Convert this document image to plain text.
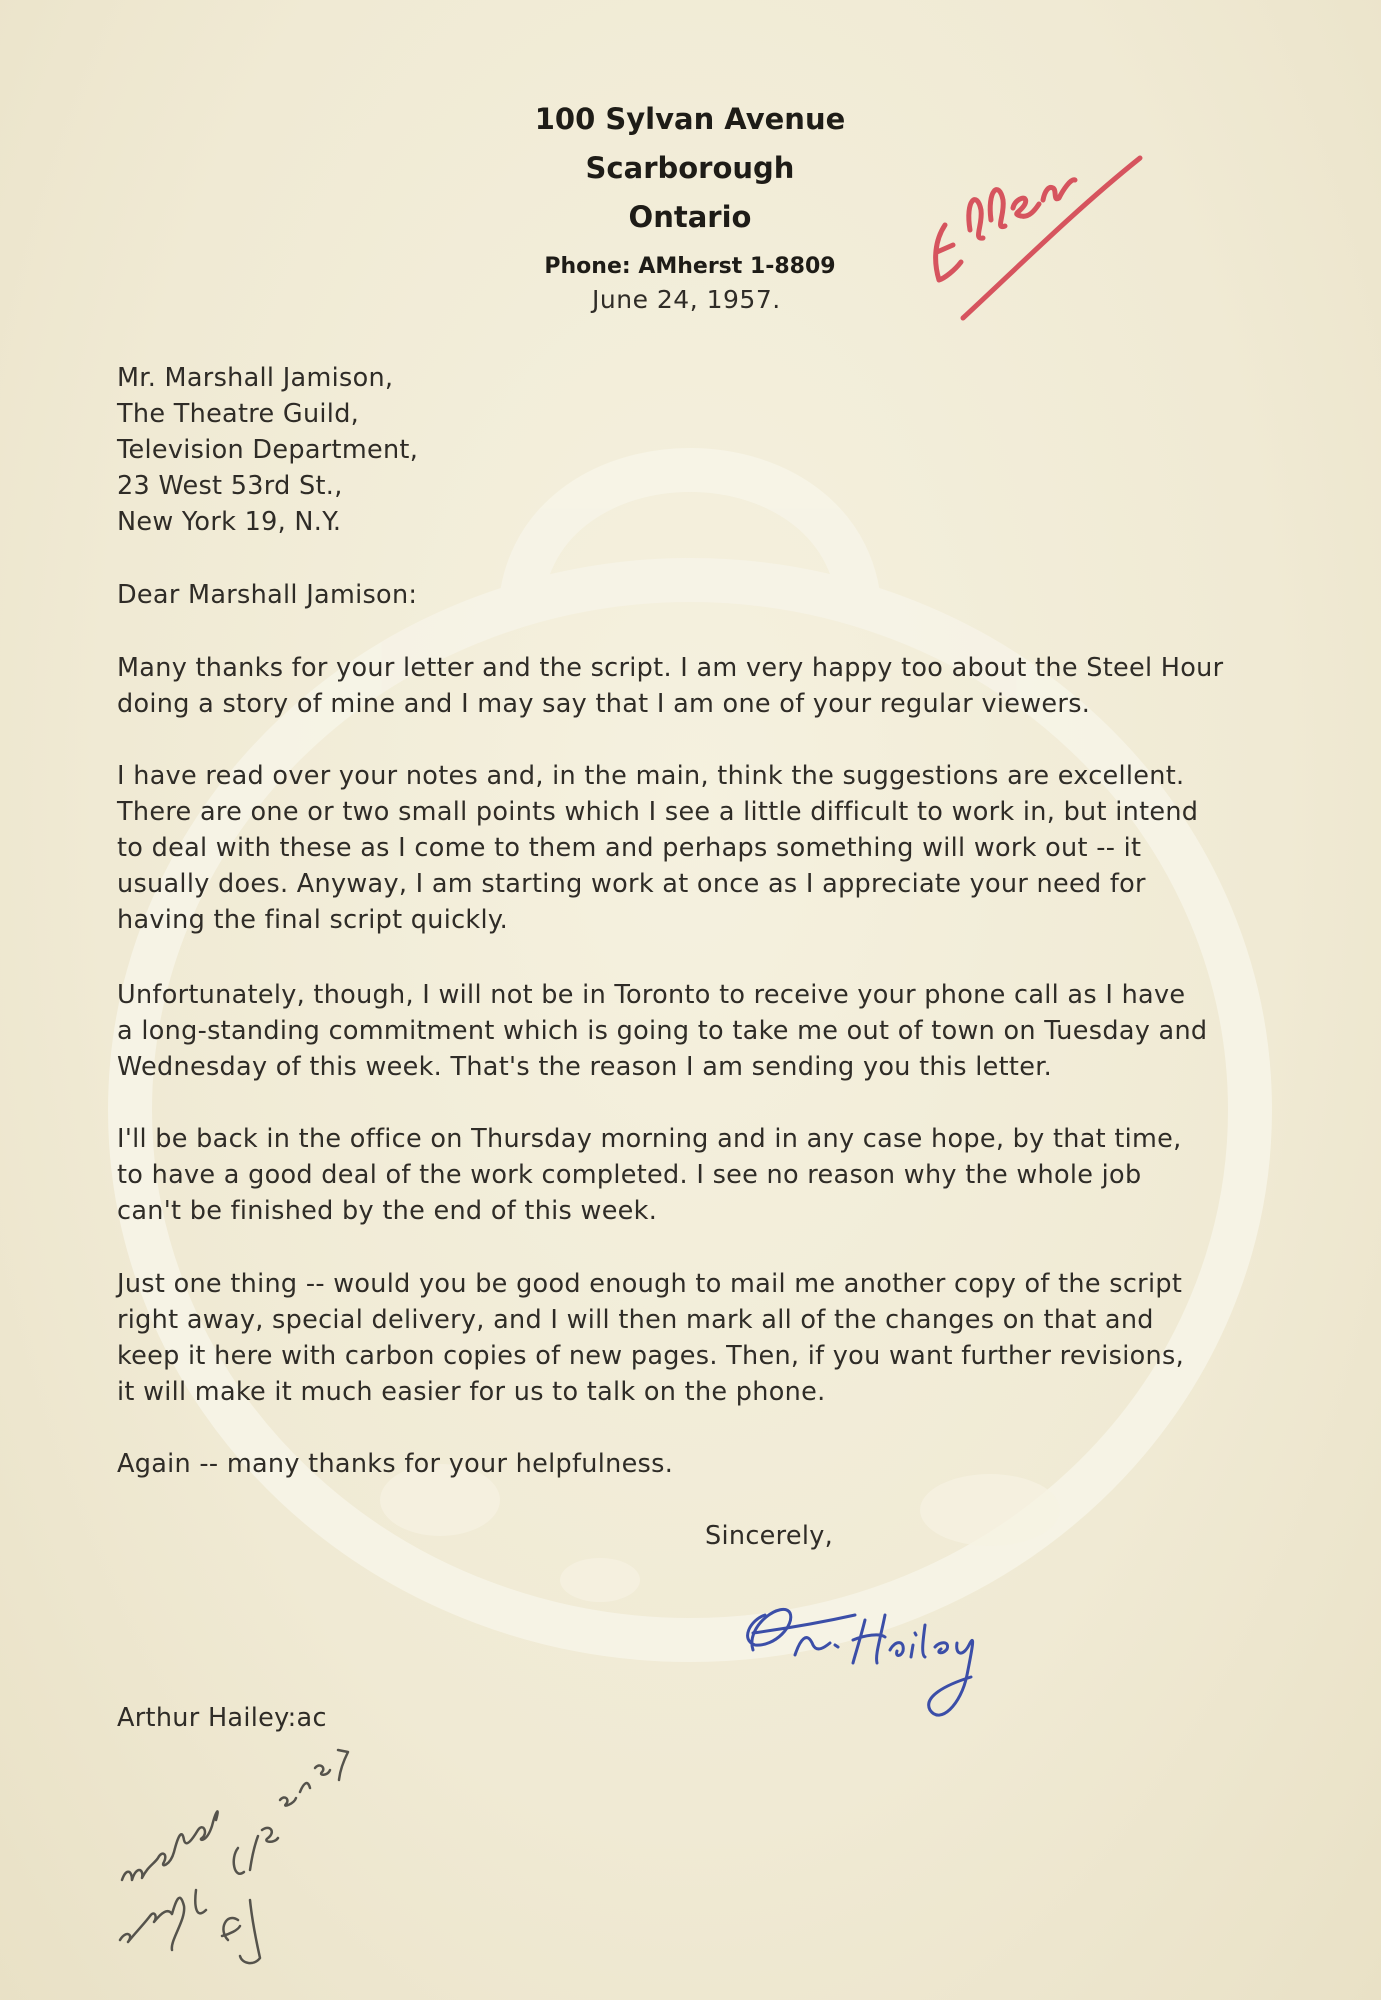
100 Sylvan Avenue
Scarborough
Ontario
Phone: AMherst 1-8809
June 24, 1957.
Mr. Marshall Jamison,
The Theatre Guild,
Television Department,
23 West 53rd St.,
New York 19, N.Y.
Dear Marshall Jamison:
Many thanks for your letter and the script. I am very happy too about the Steel Hour
doing a story of mine and I may say that I am one of your regular viewers.
I have read over your notes and, in the main, think the suggestions are excellent.
There are one or two small points which I see a little difficult to work in, but intend
to deal with these as I come to them and perhaps something will work out -- it
usually does. Anyway, I am starting work at once as I appreciate your need for
having the final script quickly.
Unfortunately, though, I will not be in Toronto to receive your phone call as I have
a long-standing commitment which is going to take me out of town on Tuesday and
Wednesday of this week. That's the reason I am sending you this letter.
I'll be back in the office on Thursday morning and in any case hope, by that time,
to have a good deal of the work completed. I see no reason why the whole job
can't be finished by the end of this week.
Just one thing -- would you be good enough to mail me another copy of the script
right away, special delivery, and I will then mark all of the changes on that and
keep it here with carbon copies of new pages. Then, if you want further revisions,
it will make it much easier for us to talk on the phone.
Again -- many thanks for your helpfulness.
Sincerely,
Arthur Hailey:ac
